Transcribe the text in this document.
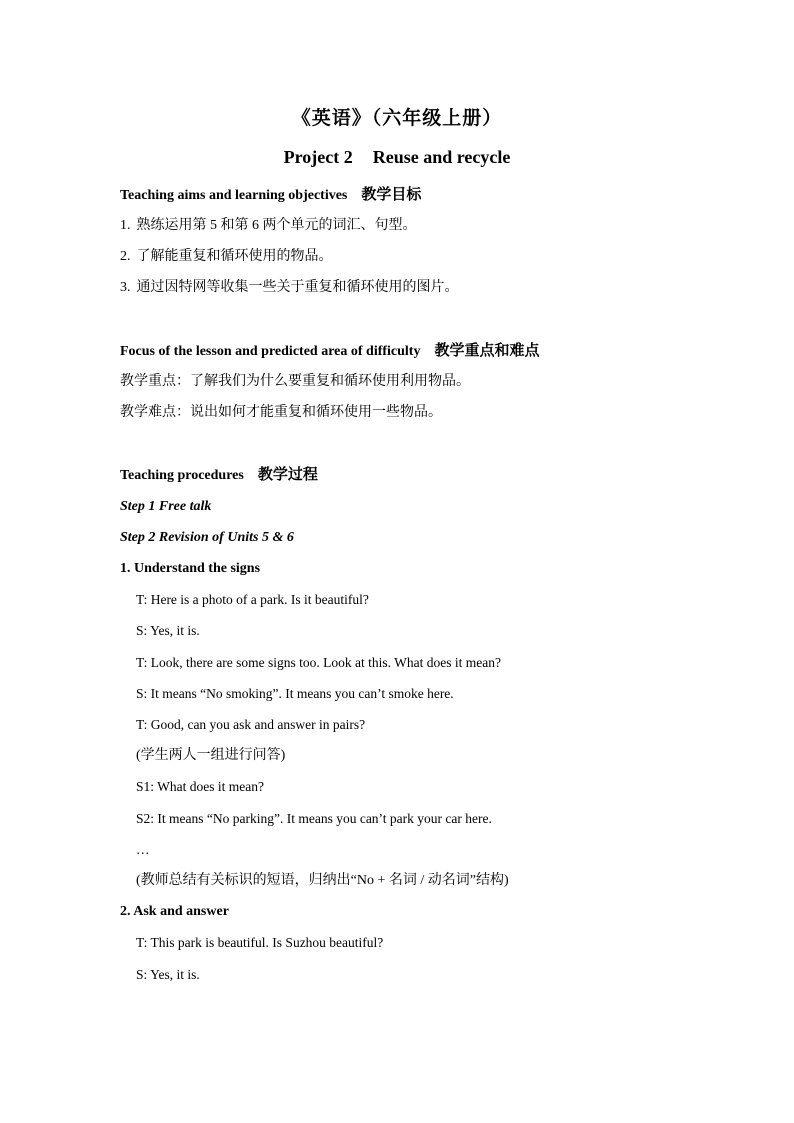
《英语》（六年级上册）
Project 2 Reuse and recycle
Teaching aims and learning objectives 教学目标
1. 熟练运用第 5 和第 6 两个单元的词汇、句型。
2. 了解能重复和循环使用的物品。
3. 通过因特网等收集一些关于重复和循环使用的图片。
Focus of the lesson and predicted area of difficulty 教学重点和难点
教学重点：了解我们为什么要重复和循环使用利用物品。
教学难点：说出如何才能重复和循环使用一些物品。
Teaching procedures 教学过程
Step 1 Free talk
Step 2 Revision of Units 5 & 6
1. Understand the signs
T: Here is a photo of a park. Is it beautiful?
S: Yes, it is.
T: Look, there are some signs too. Look at this. What does it mean?
S: It means “No smoking”. It means you can’t smoke here.
T: Good, can you ask and answer in pairs?
(学生两人一组进行问答)
S1: What does it mean?
S2: It means “No parking”. It means you can’t park your car here.
…
(教师总结有关标识的短语，归纳出“No + 名词 / 动名词”结构)
2. Ask and answer
T: This park is beautiful. Is Suzhou beautiful?
S: Yes, it is.
